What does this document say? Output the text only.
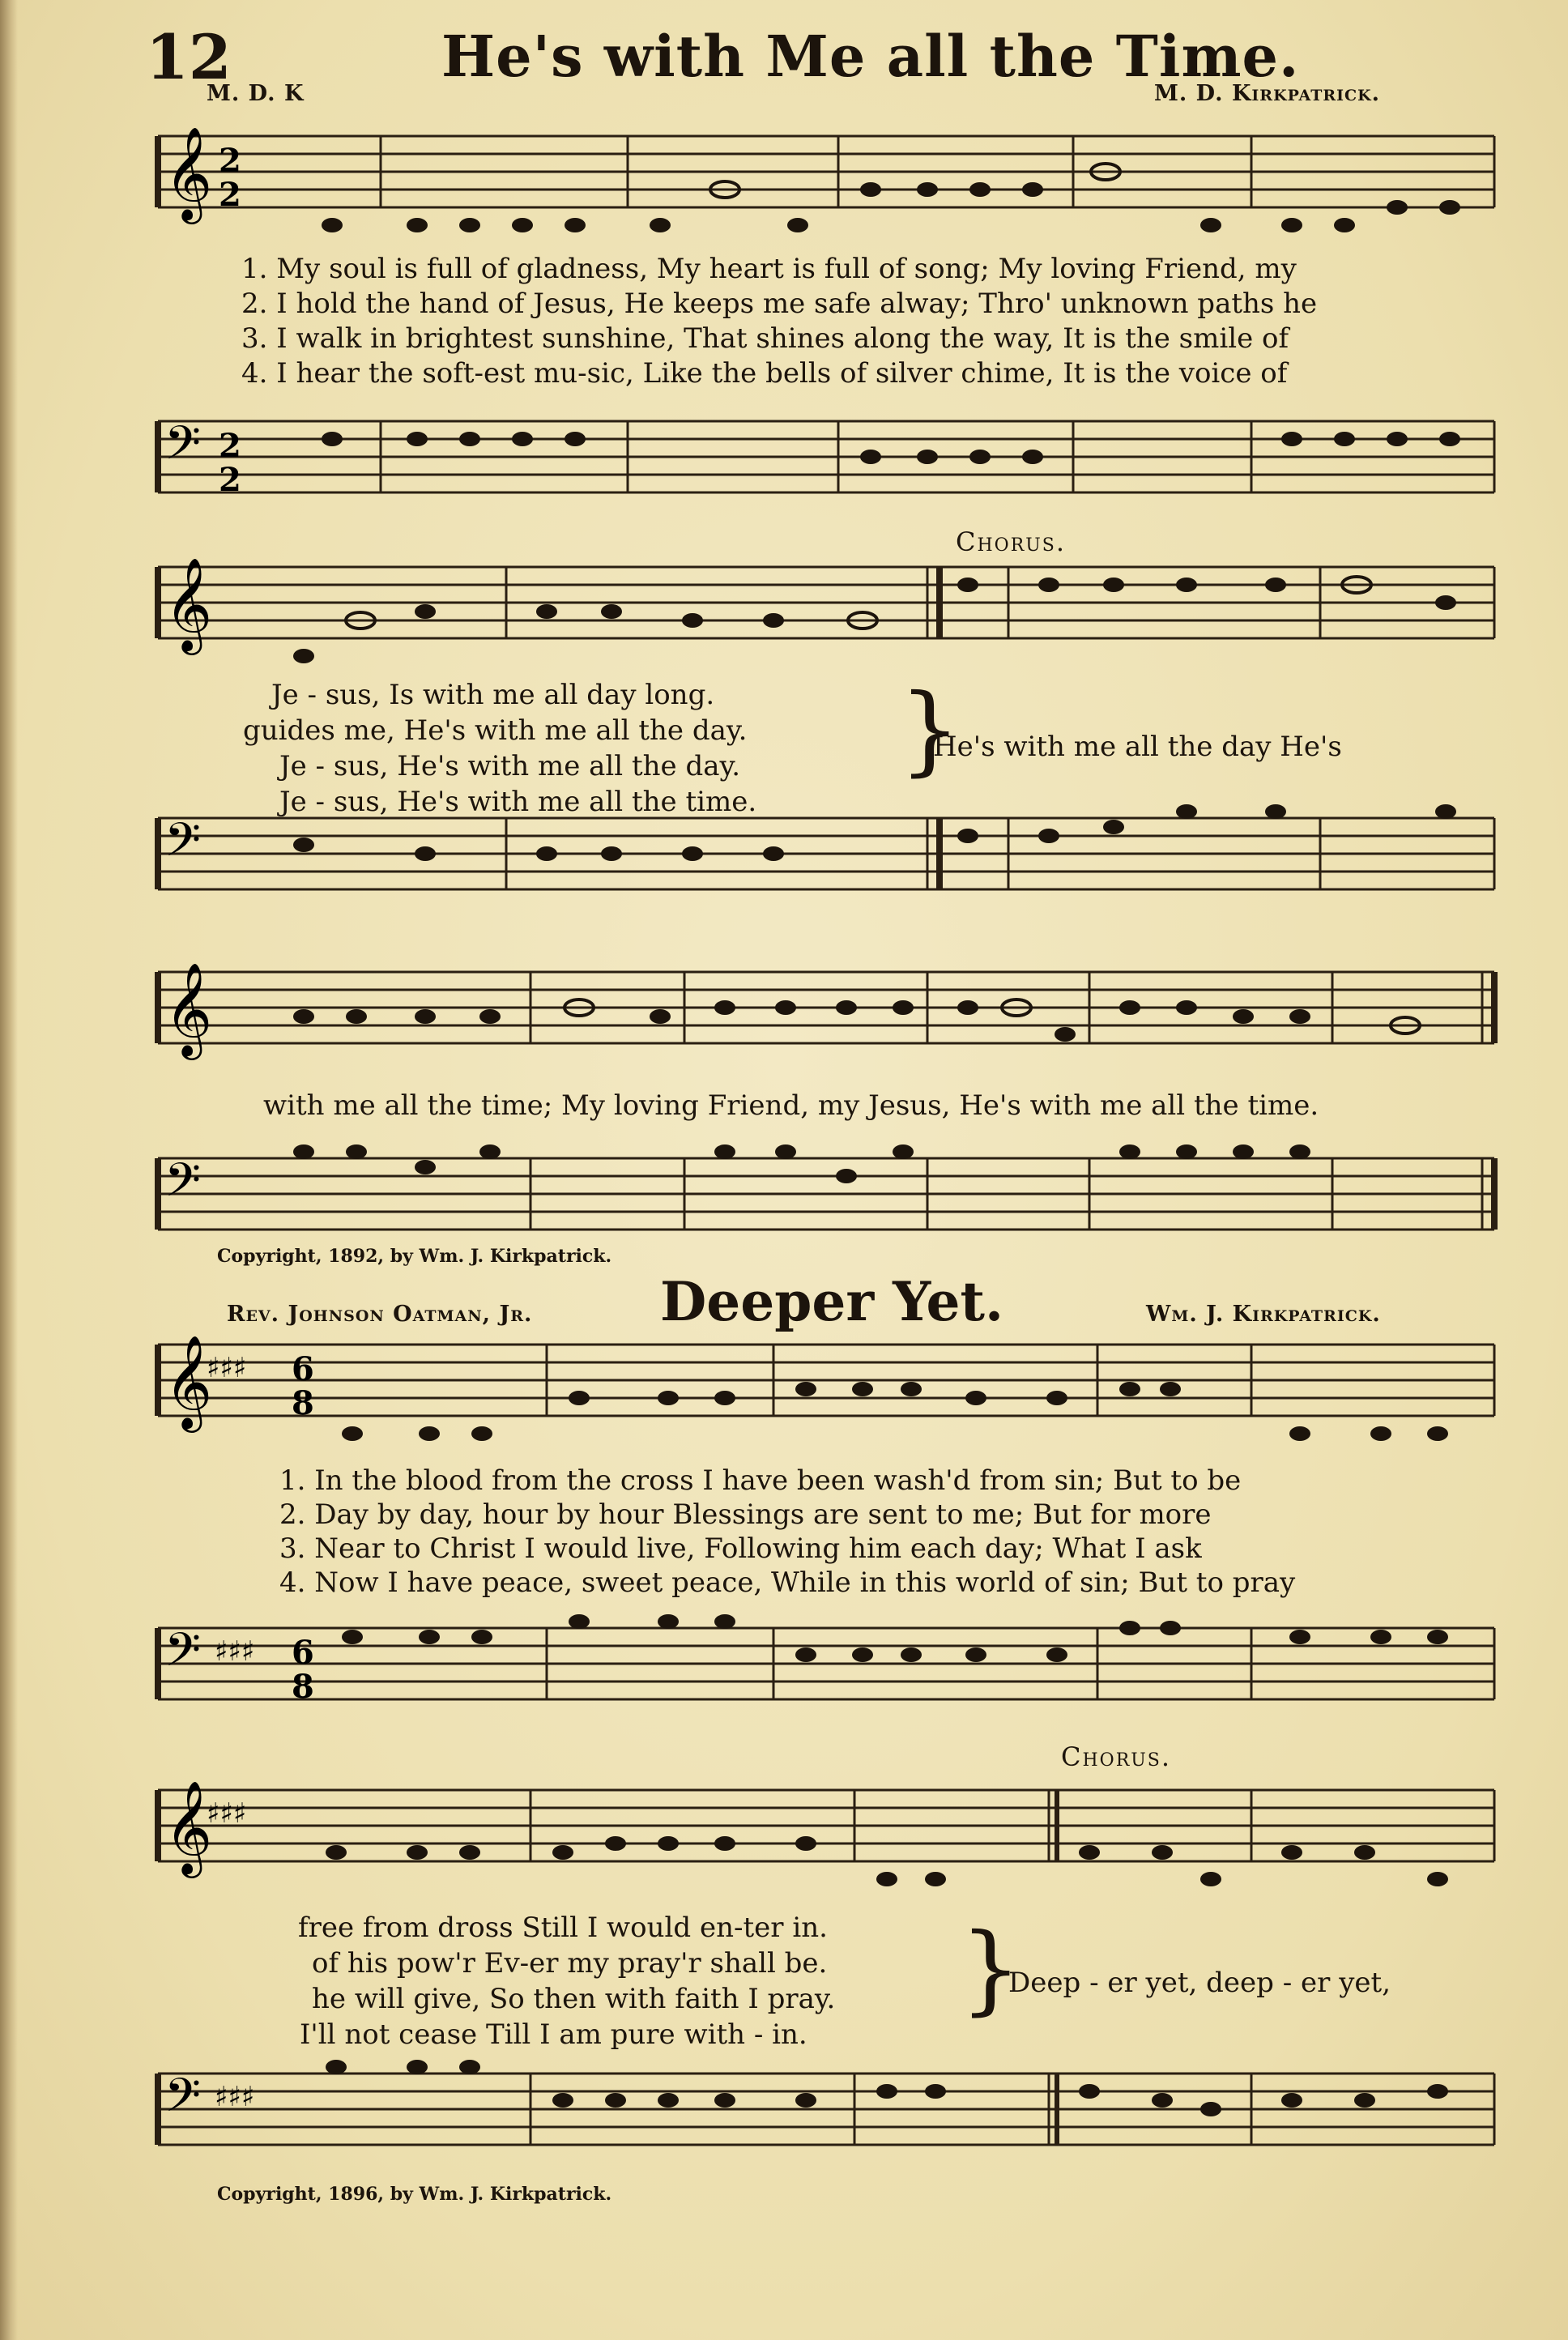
𝄞 2
2
𝄢 2
2
𝄞
𝄢
𝄞
𝄢
𝄞
♯♯♯ 6
8
𝄢 ♯♯♯ 6
8
𝄞
♯♯♯
𝄢 ♯♯♯
12	He's with Me all the Time.
M. D. K	M. D. Kirkpatrick.
1. My soul is full of gladness, My heart is full of song; My loving Friend, my
2. I hold the hand of Jesus, He keeps me safe alway; Thro' unknown paths he
3. I walk in brightest sunshine, That shines along the way, It is the smile of
4. I hear the soft-est mu-sic, Like the bells of silver chime, It is the voice of
Chorus.
Je - sus, Is with me all day long.
guides me, He's with me all the day.
Je - sus, He's with me all the day.
Je - sus, He's with me all the time.
}
He's with me all the day He's
with me all the time; My loving Friend, my Jesus, He's with me all the time.
Copyright, 1892, by Wm. J. Kirkpatrick.
Deeper Yet.
Rev. Johnson Oatman, Jr.	Wm. J. Kirkpatrick.
1. In the blood from the cross I have been wash'd from sin; But to be
2. Day by day, hour by hour Blessings are sent to me; But for more
3. Near to Christ I would live, Following him each day; What I ask
4. Now I have peace, sweet peace, While in this world of sin; But to pray
Chorus.
free from dross Still I would en-ter in.
of his pow'r Ev-er my pray'r shall be.
he will give, So then with faith I pray.
I'll not cease Till I am pure with - in.
}
Deep - er yet, deep - er yet,
Copyright, 1896, by Wm. J. Kirkpatrick.
